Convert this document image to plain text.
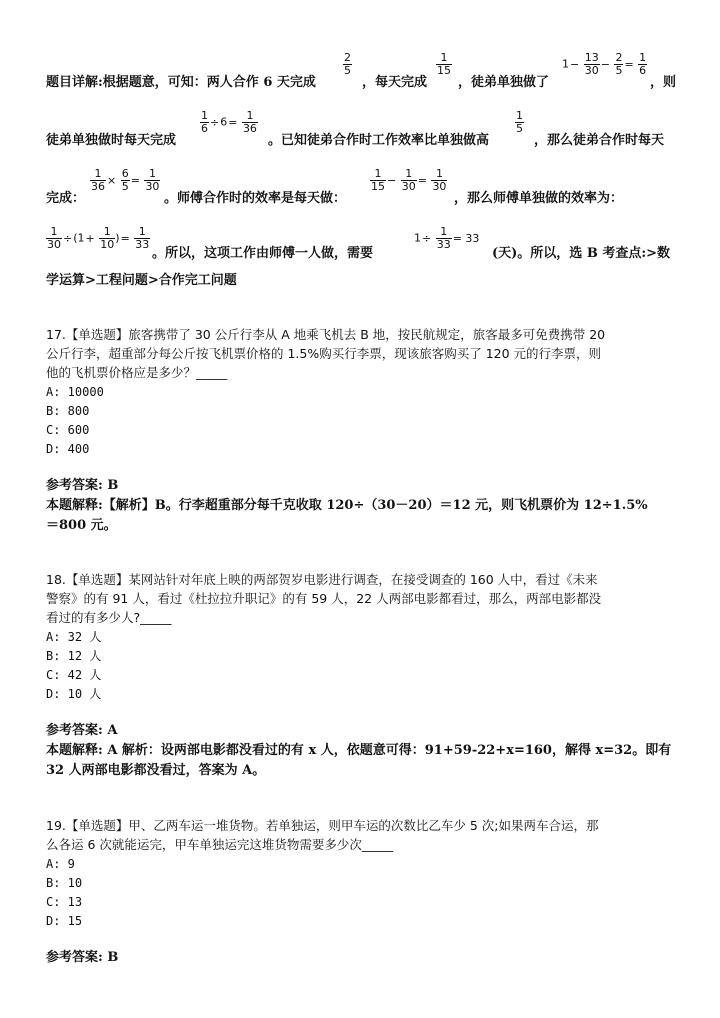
题目详解:根据题意，可知：两人合作 6 天完成
$\frac{2}{5}$
，每天完成
$\frac{1}{15}$
，徒弟单独做了
$1- \frac{13}{30} - \frac{2}{5} = \frac{1}{6}$
，则
徒弟单独做时每天完成
$\frac{1}{6} \div 6= \frac{1}{36}$
。已知徒弟合作时工作效率比单独做高
$\frac{1}{5}$
，那么徒弟合作时每天
完成：
$\frac{1}{36} \times \frac{6}{5} = \frac{1}{30}$
。师傅合作时的效率是每天做：
$\frac{1}{15} - \frac{1}{30} = \frac{1}{30}$
，那么师傅单独做的效率为：
$\frac{1}{30} \div(1+ \frac{1}{10}$ )= $\frac{1}{33}$
。所以，这项工作由师傅一人做，需要
$1\div \frac{1}{33} = 33$
(天)。所以，选 B 考查点:>数
学运算>工程问题>合作完工问题
17.【单选题】旅客携带了 30 公斤行李从 A 地乘飞机去 B 地，按民航规定，旅客最多可免费携带 20
公斤行李，超重部分每公斤按飞机票价格的 1.5%购买行李票，现该旅客购买了 120 元的行李票，则
他的飞机票价格应是多少？_____
A: 10000
B: 800
C: 600
D: 400
参考答案: B
本题解释:【解析】B。行李超重部分每千克收取 120÷（30－20）＝12 元，则飞机票价为 12÷1.5%
＝800 元。
18.【单选题】某网站针对年底上映的两部贺岁电影进行调查，在接受调查的 160 人中，看过《未来
警察》的有 91 人，看过《杜拉拉升职记》的有 59 人，22 人两部电影都看过，那么，两部电影都没
看过的有多少人?_____
A: 32 人
B: 12 人
C: 42 人
D: 10 人
参考答案: A
本题解释: A 解析：设两部电影都没看过的有 x 人，依题意可得：91+59-22+x=160，解得 x=32。即有
32 人两部电影都没看过，答案为 A。
19.【单选题】甲、乙两车运一堆货物。若单独运，则甲车运的次数比乙车少 5 次;如果两车合运，那
么各运 6 次就能运完，甲车单独运完这堆货物需要多少次_____
A: 9
B: 10
C: 13
D: 15
参考答案: B
